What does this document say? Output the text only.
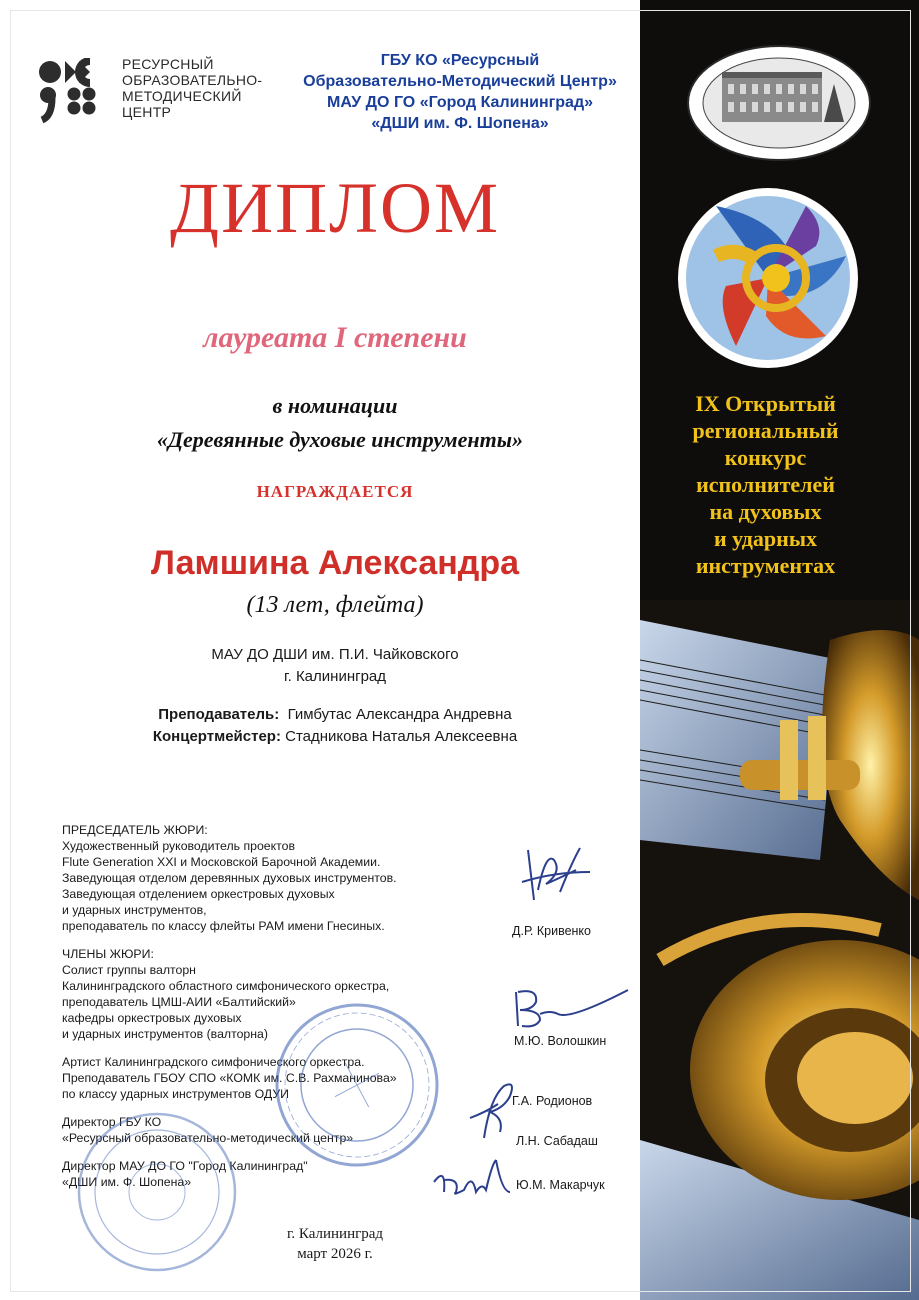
РЕСУРСНЫЙ
ОБРАЗОВАТЕЛЬНО-
МЕТОДИЧЕСКИЙ
ЦЕНТР
ГБУ КО «Ресурсный
Образовательно-Методический Центр»
МАУ ДО ГО «Город Калининград»
«ДШИ им. Ф. Шопена»
ДИПЛОМ
лауреата I степени
в номинации
«Деревянные духовые инструменты»
НАГРАЖДАЕТСЯ
Ламшина Александра
(13 лет, флейта)
МАУ ДО ДШИ им. П.И. Чайковского
г. Калининград
Преподаватель: Гимбутас Александра Андревна
Концертмейстер: Стадникова Наталья Алексеевна
ПРЕДСЕДАТЕЛЬ ЖЮРИ:
Художественный руководитель проектов
Flute Generation XXI и Московской Барочной Академии.
Заведующая отделом деревянных духовых инструментов.
Заведующая отделением оркестровых духовых
и ударных инструментов,
преподаватель по классу флейты РАМ имени Гнесиных.
ЧЛЕНЫ ЖЮРИ:
Солист группы валторн
Калининградского областного симфонического оркестра,
преподаватель ЦМШ-АИИ «Балтийский»
кафедры оркестровых духовых
и ударных инструментов (валторна)
Артист Калининградского симфонического оркестра.
Преподаватель ГБОУ СПО «КОМК им. С.В. Рахманинова»
по классу ударных инструментов ОДУИ
Директор ГБУ КО
«Ресурсный образовательно-методический центр»
Директор МАУ ДО ГО "Город Калининград"
«ДШИ им. Ф. Шопена»
Д.Р. Кривенко
М.Ю. Волошкин
Г.А. Родионов
Л.Н. Сабадаш
Ю.М. Макарчук
г. Калининград
март 2026 г.
IX Открытый
региональный
конкурс
исполнителей
на духовых
и ударных
инструментах
